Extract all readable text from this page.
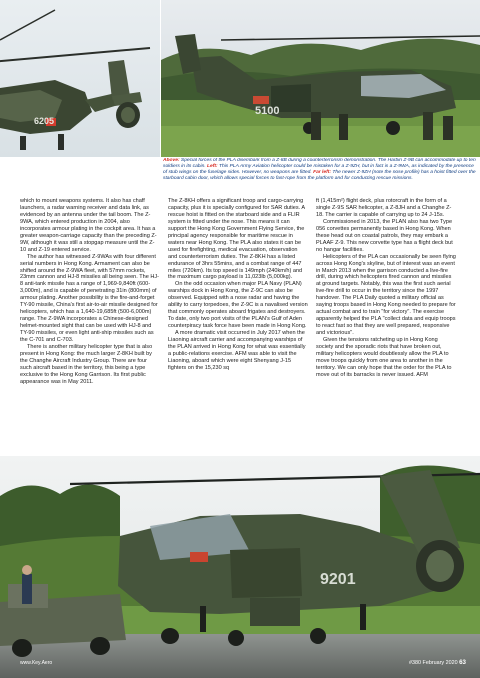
6205
5100
Above: Special forces of the PLA disembark from a Z-8B during a counterterrorism demonstration. The Harbin Z-9B can accommodate up to ten soldiers in its cabin. Left: This PLA Army Aviation helicopter could be mistaken for a Z-9ZH, but in fact is a Z-9WA, as indicated by the presence of stub wings on the fuselage sides. However, no weapons are fitted. Far left: The newer Z-9ZH (note the nose profile) has a hoist fitted over the starboard cabin door, which allows special forces to fast-rope from the platform and for conducting rescue missions.

which to mount weapons systems. It also has chaff launchers, a radar warning receiver and data link, as evidenced by an antenna under the tail boom. The Z-9WA, which entered production in 2004, also incorporates armour plating in the cockpit area. It has a greater weapon-carriage capacity than the preceding Z-9W, although it was still a stopgap measure until the Z-10 and Z-19 entered service.

The author has witnessed Z-9WAs with four different serial numbers in Hong Kong. Armament can also be shifted around the Z-9WA fleet, with 57mm rockets, 23mm cannon and HJ-8 missiles all being seen. The HJ-8 anti-tank missile has a range of 1,969-9,840ft (600-3,000m), and is capable of penetrating 31in (800mm) of armour plating. Another possibility is the fire-and-forget TY-90 missile, China's first air-to-air missile designed for helicopters, which has a 1,640-19,685ft (500-6,000m) range. The Z-9WA incorporates a Chinese-designed helmet-mounted sight that can be used with HJ-8 and TY-90 missiles, or even light anti-ship missiles such as the C-701 and C-703.

There is another military helicopter type that is also present in Hong Kong: the much larger Z-8KH built by the Changhe Aircraft Industry Group. There are four such aircraft based in the territory, this being a type exclusive to the Hong Kong Garrison. Its first public appearance was in May 2011.

The Z-8KH offers a significant troop and cargo-carrying capacity, plus it is specially configured for SAR duties. A rescue hoist is fitted on the starboard side and a FLIR system is fitted under the nose. This means it can support the Hong Kong Government Flying Service, the principal agency responsible for maritime rescue in waters near Hong Kong. The PLA also states it can be used for firefighting, medical evacuation, observation and counterterrorism duties. The Z-8KH has a listed endurance of 3hrs 55mins, and a combat range of 447 miles (720km). Its top speed is 149mph (240km/h) and the maximum cargo payload is 11,023lb (5,000kg).

On the odd occasion when major PLA Navy (PLAN) warships dock in Hong Kong, the Z-9C can also be observed. Equipped with a nose radar and having the ability to carry torpedoes, the Z-9C is a navalised version that commonly operates aboard frigates and destroyers. To date, only two port visits of the PLAN's Gulf of Aden counterpiracy task force have been made in Hong Kong.

A more dramatic visit occurred in July 2017 when the Liaoning aircraft carrier and accompanying warships of the PLAN arrived in Hong Kong for what was essentially a public-relations exercise. AFM was able to visit the Liaoning, aboard which were eight Shenyang J-15 fighters on the 15,230 sq

ft (1,415m²) flight deck, plus rotorcraft in the form of a single Z-9S SAR helicopter, a Z-8JH and a Changhe Z-18. The carrier is capable of carrying up to 24 J-15s.

Commissioned in 2013, the PLAN also has two Type 056 corvettes permanently based in Hong Kong. When these head out on coastal patrols, they may embark a PLAAF Z-9. This new corvette type has a flight deck but no hangar facilities.

Helicopters of the PLA can occasionally be seen flying across Hong Kong's skyline, but of interest was an event in March 2013 when the garrison conducted a live-fire drill, during which helicopters fired cannon and missiles at ground targets. Notably, this was the first such aerial live-fire drill to occur in the territory since the 1997 handover. The PLA Daily quoted a military official as saying troops based in Hong Kong needed to prepare for actual combat and to train "for victory". The exercise apparently helped the PLA "collect data and equip troops to react fast so that they are well prepared, responsive and victorious".

Given the tensions ratcheting up in Hong Kong society and the sporadic riots that have broken out, military helicopters would doubtlessly allow the PLA to move troops quickly from one area to another in the territory. We can only hope that the order for the PLA to move out of its barracks is never issued. AFM

9201
www.Key.Aero	#380 February 2020 63
